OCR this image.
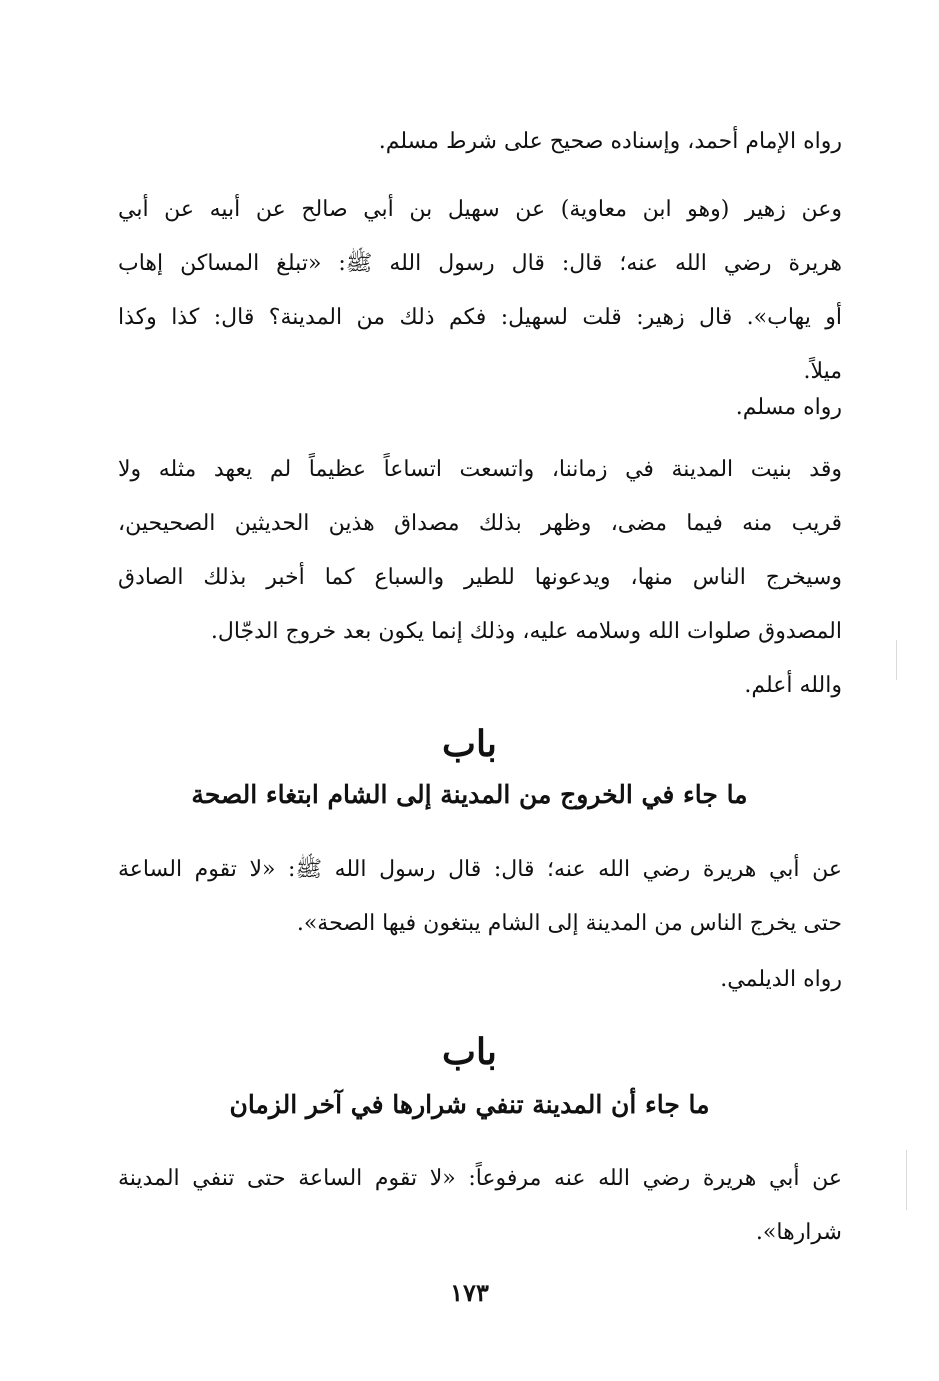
رواه الإمام أحمد، وإسناده صحيح على شرط مسلم.
وعن زهير (وهو ابن معاوية) عن سهيل بن أبي صالح عن أبيه عن أبي
هريرة رضي الله عنه؛ قال: قال رسول الله ﷺ: «تبلغ المساكن إهاب
أو يهاب». قال زهير: قلت لسهيل: فكم ذلك من المدينة؟ قال: كذا وكذا
ميلاً.
رواه مسلم.
وقد بنيت المدينة في زماننا، واتسعت اتساعاً عظيماً لم يعهد مثله ولا
قريب منه فيما مضى، وظهر بذلك مصداق هذين الحديثين الصحيحين،
وسيخرج الناس منها، ويدعونها للطير والسباع كما أخبر بذلك الصادق
المصدوق صلوات الله وسلامه عليه، وذلك إنما يكون بعد خروج الدجّال.
والله أعلم.
باب
ما جاء في الخروج من المدينة إلى الشام ابتغاء الصحة
عن أبي هريرة رضي الله عنه؛ قال: قال رسول الله ﷺ: «لا تقوم الساعة
حتى يخرج الناس من المدينة إلى الشام يبتغون فيها الصحة».
رواه الديلمي.
باب
ما جاء أن المدينة تنفي شرارها في آخر الزمان
عن أبي هريرة رضي الله عنه مرفوعاً: «لا تقوم الساعة حتى تنفي المدينة
شرارها».
١٧٣
